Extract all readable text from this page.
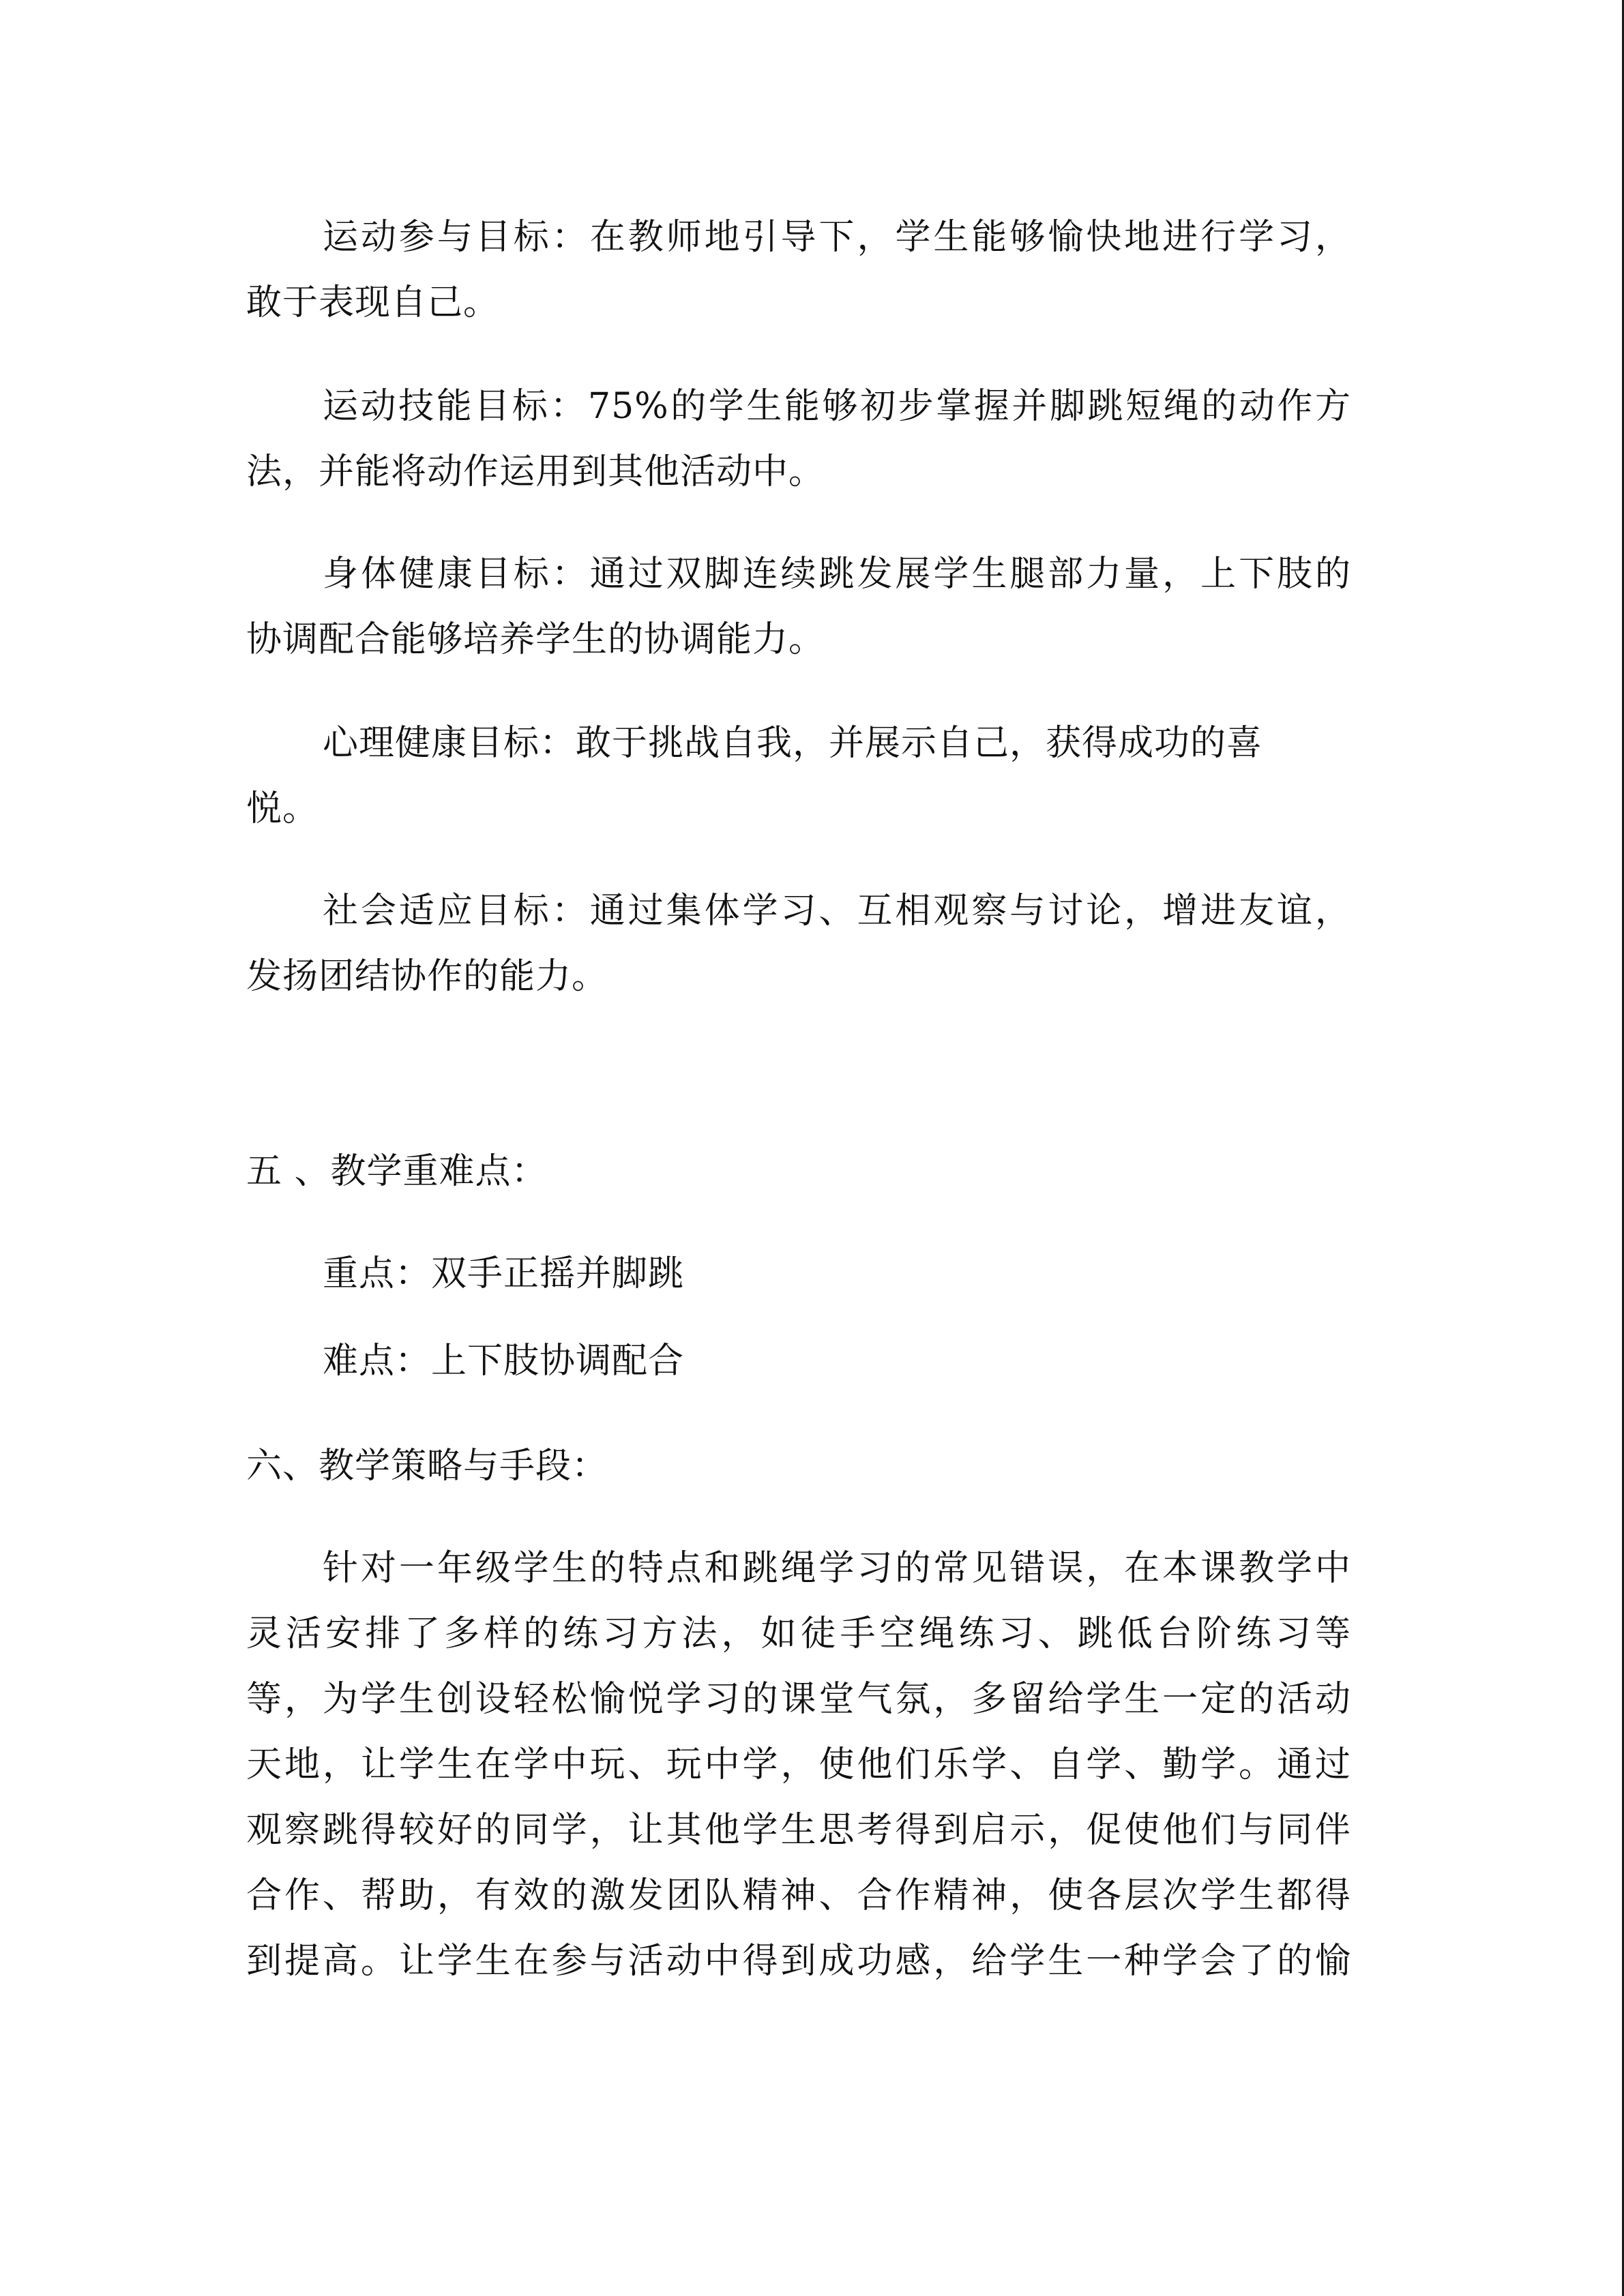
运动参与目标：在教师地引导下，学生能够愉快地进行学习，
敢于表现自己。
运动技能目标：75%的学生能够初步掌握并脚跳短绳的动作方
法，并能将动作运用到其他活动中。
身体健康目标：通过双脚连续跳发展学生腿部力量，上下肢的
协调配合能够培养学生的协调能力。
心理健康目标：敢于挑战自我，并展示自己，获得成功的喜
悦。
社会适应目标：通过集体学习、互相观察与讨论，增进友谊，
发扬团结协作的能力。
五 、教学重难点：
重点：双手正摇并脚跳
难点：上下肢协调配合
六、教学策略与手段：
针对一年级学生的特点和跳绳学习的常见错误，在本课教学中
灵活安排了多样的练习方法，如徒手空绳练习、跳低台阶练习等
等，为学生创设轻松愉悦学习的课堂气氛，多留给学生一定的活动
天地，让学生在学中玩、玩中学，使他们乐学、自学、勤学。通过
观察跳得较好的同学，让其他学生思考得到启示，促使他们与同伴
合作、帮助，有效的激发团队精神、合作精神，使各层次学生都得
到提高。让学生在参与活动中得到成功感，给学生一种学会了的愉
